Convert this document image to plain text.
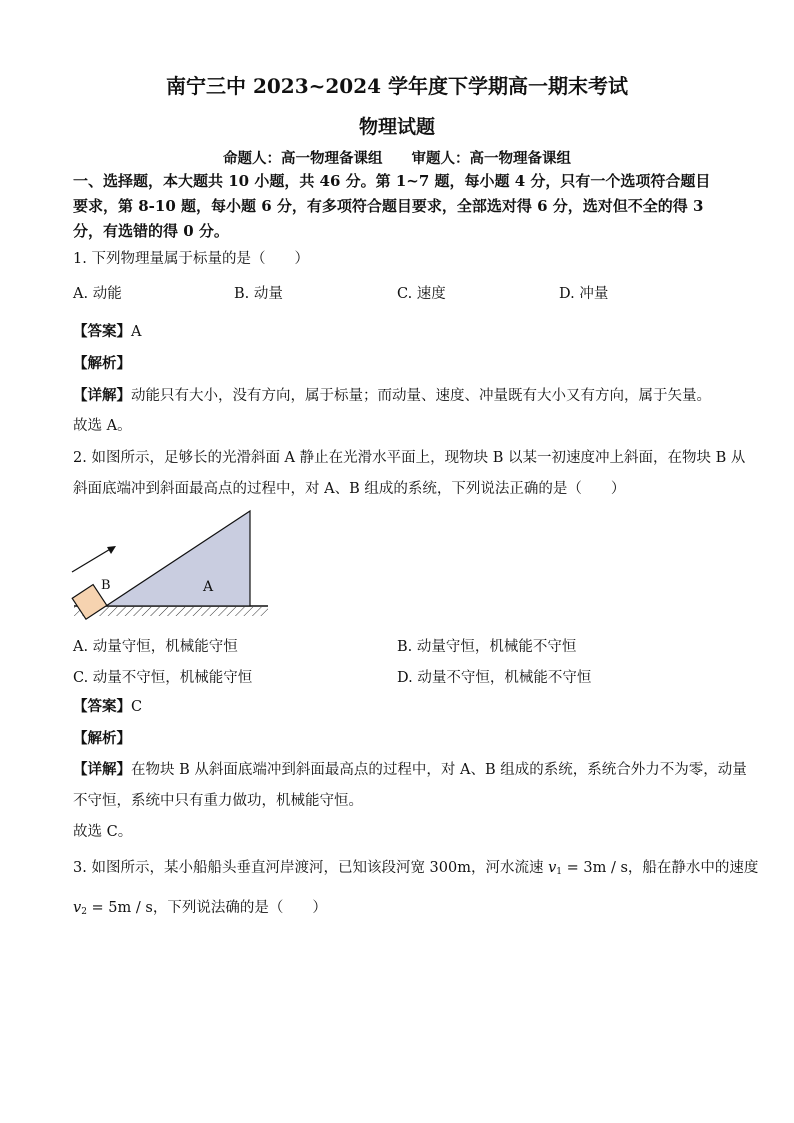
南宁三中 2023~2024 学年度下学期高一期末考试
物理试题
命题人：高一物理备课组　　审题人：高一物理备课组
一、选择题，本大题共 10 小题，共 46 分。第 1~7 题，每小题 4 分，只有一个选项符合题目要求，第 8-10 题，每小题 6 分，有多项符合题目要求，全部选对得 6 分，选对但不全的得 3 分，有选错的得 0 分。
1. 下列物理量属于标量的是（　　）
A. 动能	B. 动量	C. 速度	D. 冲量
【答案】A
【解析】
【详解】动能只有大小，没有方向，属于标量；而动量、速度、冲量既有大小又有方向，属于矢量。
故选 A。
2. 如图所示，足够长的光滑斜面 A 静止在光滑水平面上，现物块 B 以某一初速度冲上斜面，在物块 B 从
斜面底端冲到斜面最高点的过程中，对 A、B 组成的系统，下列说法正确的是（　　）
A
B
A. 动量守恒，机械能守恒	B. 动量守恒，机械能不守恒
C. 动量不守恒，机械能守恒	D. 动量不守恒，机械能不守恒
【答案】C
【解析】
【详解】在物块 B 从斜面底端冲到斜面最高点的过程中，对 A、B 组成的系统，系统合外力不为零，动量
不守恒，系统中只有重力做功，机械能守恒。
故选 C。
3. 如图所示，某小船船头垂直河岸渡河，已知该段河宽 300m，河水流速 $v_1 = 3m / s$，船在静水中的速度
$v_2 = 5m / s$，下列说法确的是（　　）
